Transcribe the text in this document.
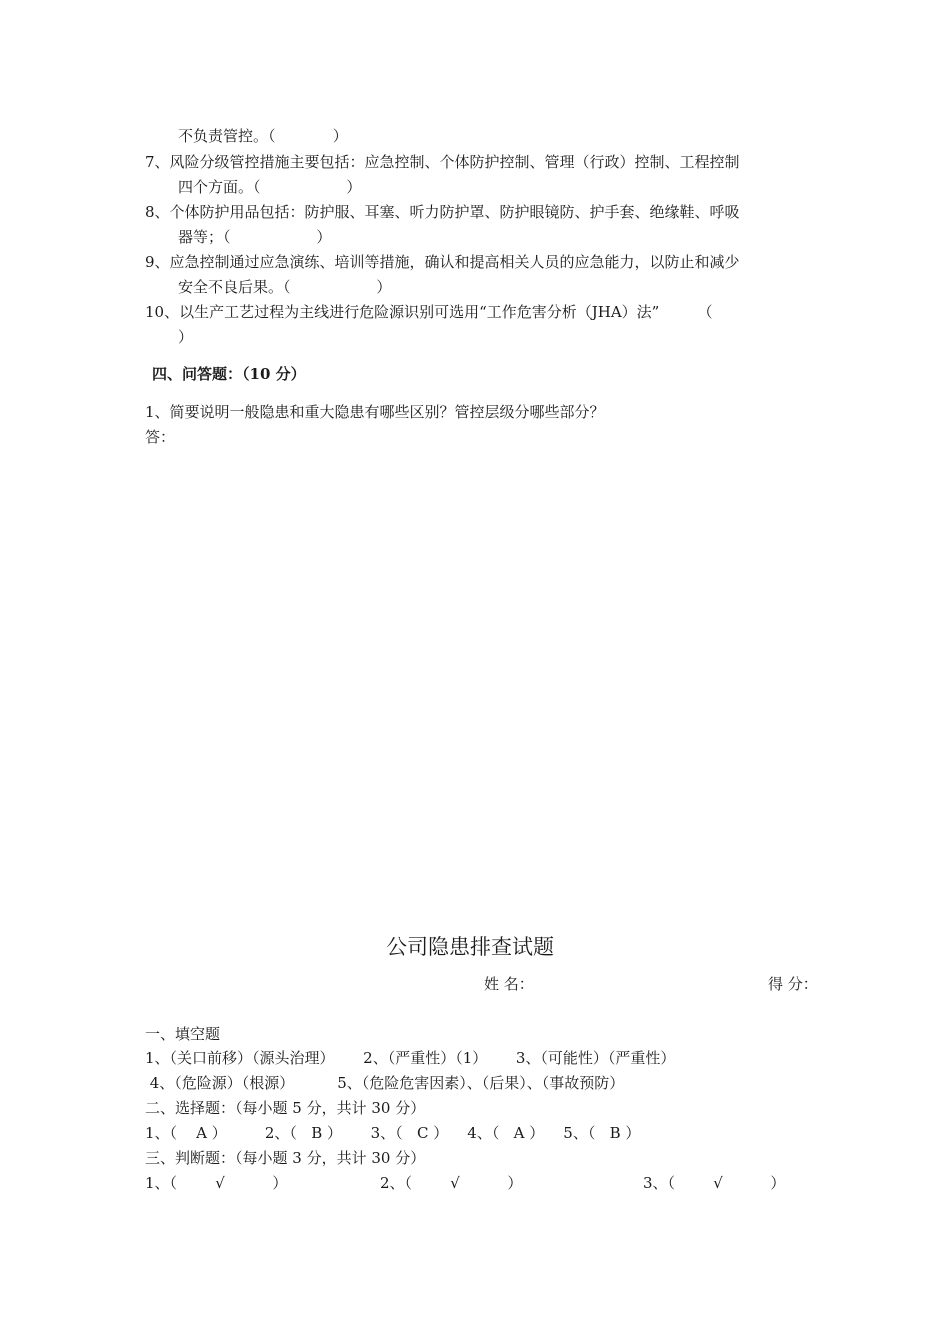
不负责管控。（            ）
7、风险分级管控措施主要包括：应急控制、个体防护控制、管理（行政）控制、工程控制
四个方面。（                  ）
8、个体防护用品包括：防护服、耳塞、听力防护罩、防护眼镜防、护手套、绝缘鞋、呼吸
器等；（                  ）
9、应急控制通过应急演练、培训等措施，确认和提高相关人员的应急能力，以防止和减少
安全不良后果。（                  ）
10、以生产工艺过程为主线进行危险源识别可选用“工作危害分析（JHA）法”        （
）
四、问答题：（10 分）
1、简要说明一般隐患和重大隐患有哪些区别？管控层级分哪些部分？
答：
公司隐患排查试题
姓 名：	得 分：
一、填空题
1、（关口前移）（源头治理）      2、（严重性）（1）      3、（可能性）（严重性）
4、（危险源）（根源）         5、（危险危害因素）、（后果）、（事故预防）
二、选择题：（每小题 5 分，共计 30 分）
1、（    A ）        2、（   B ）      3、（   C ）    4、（   A ）    5、（   B ）
三、判断题：（每小题 3 分，共计 30 分）
1、（        √          ）	2、（        √          ）	3、（        √          ）
